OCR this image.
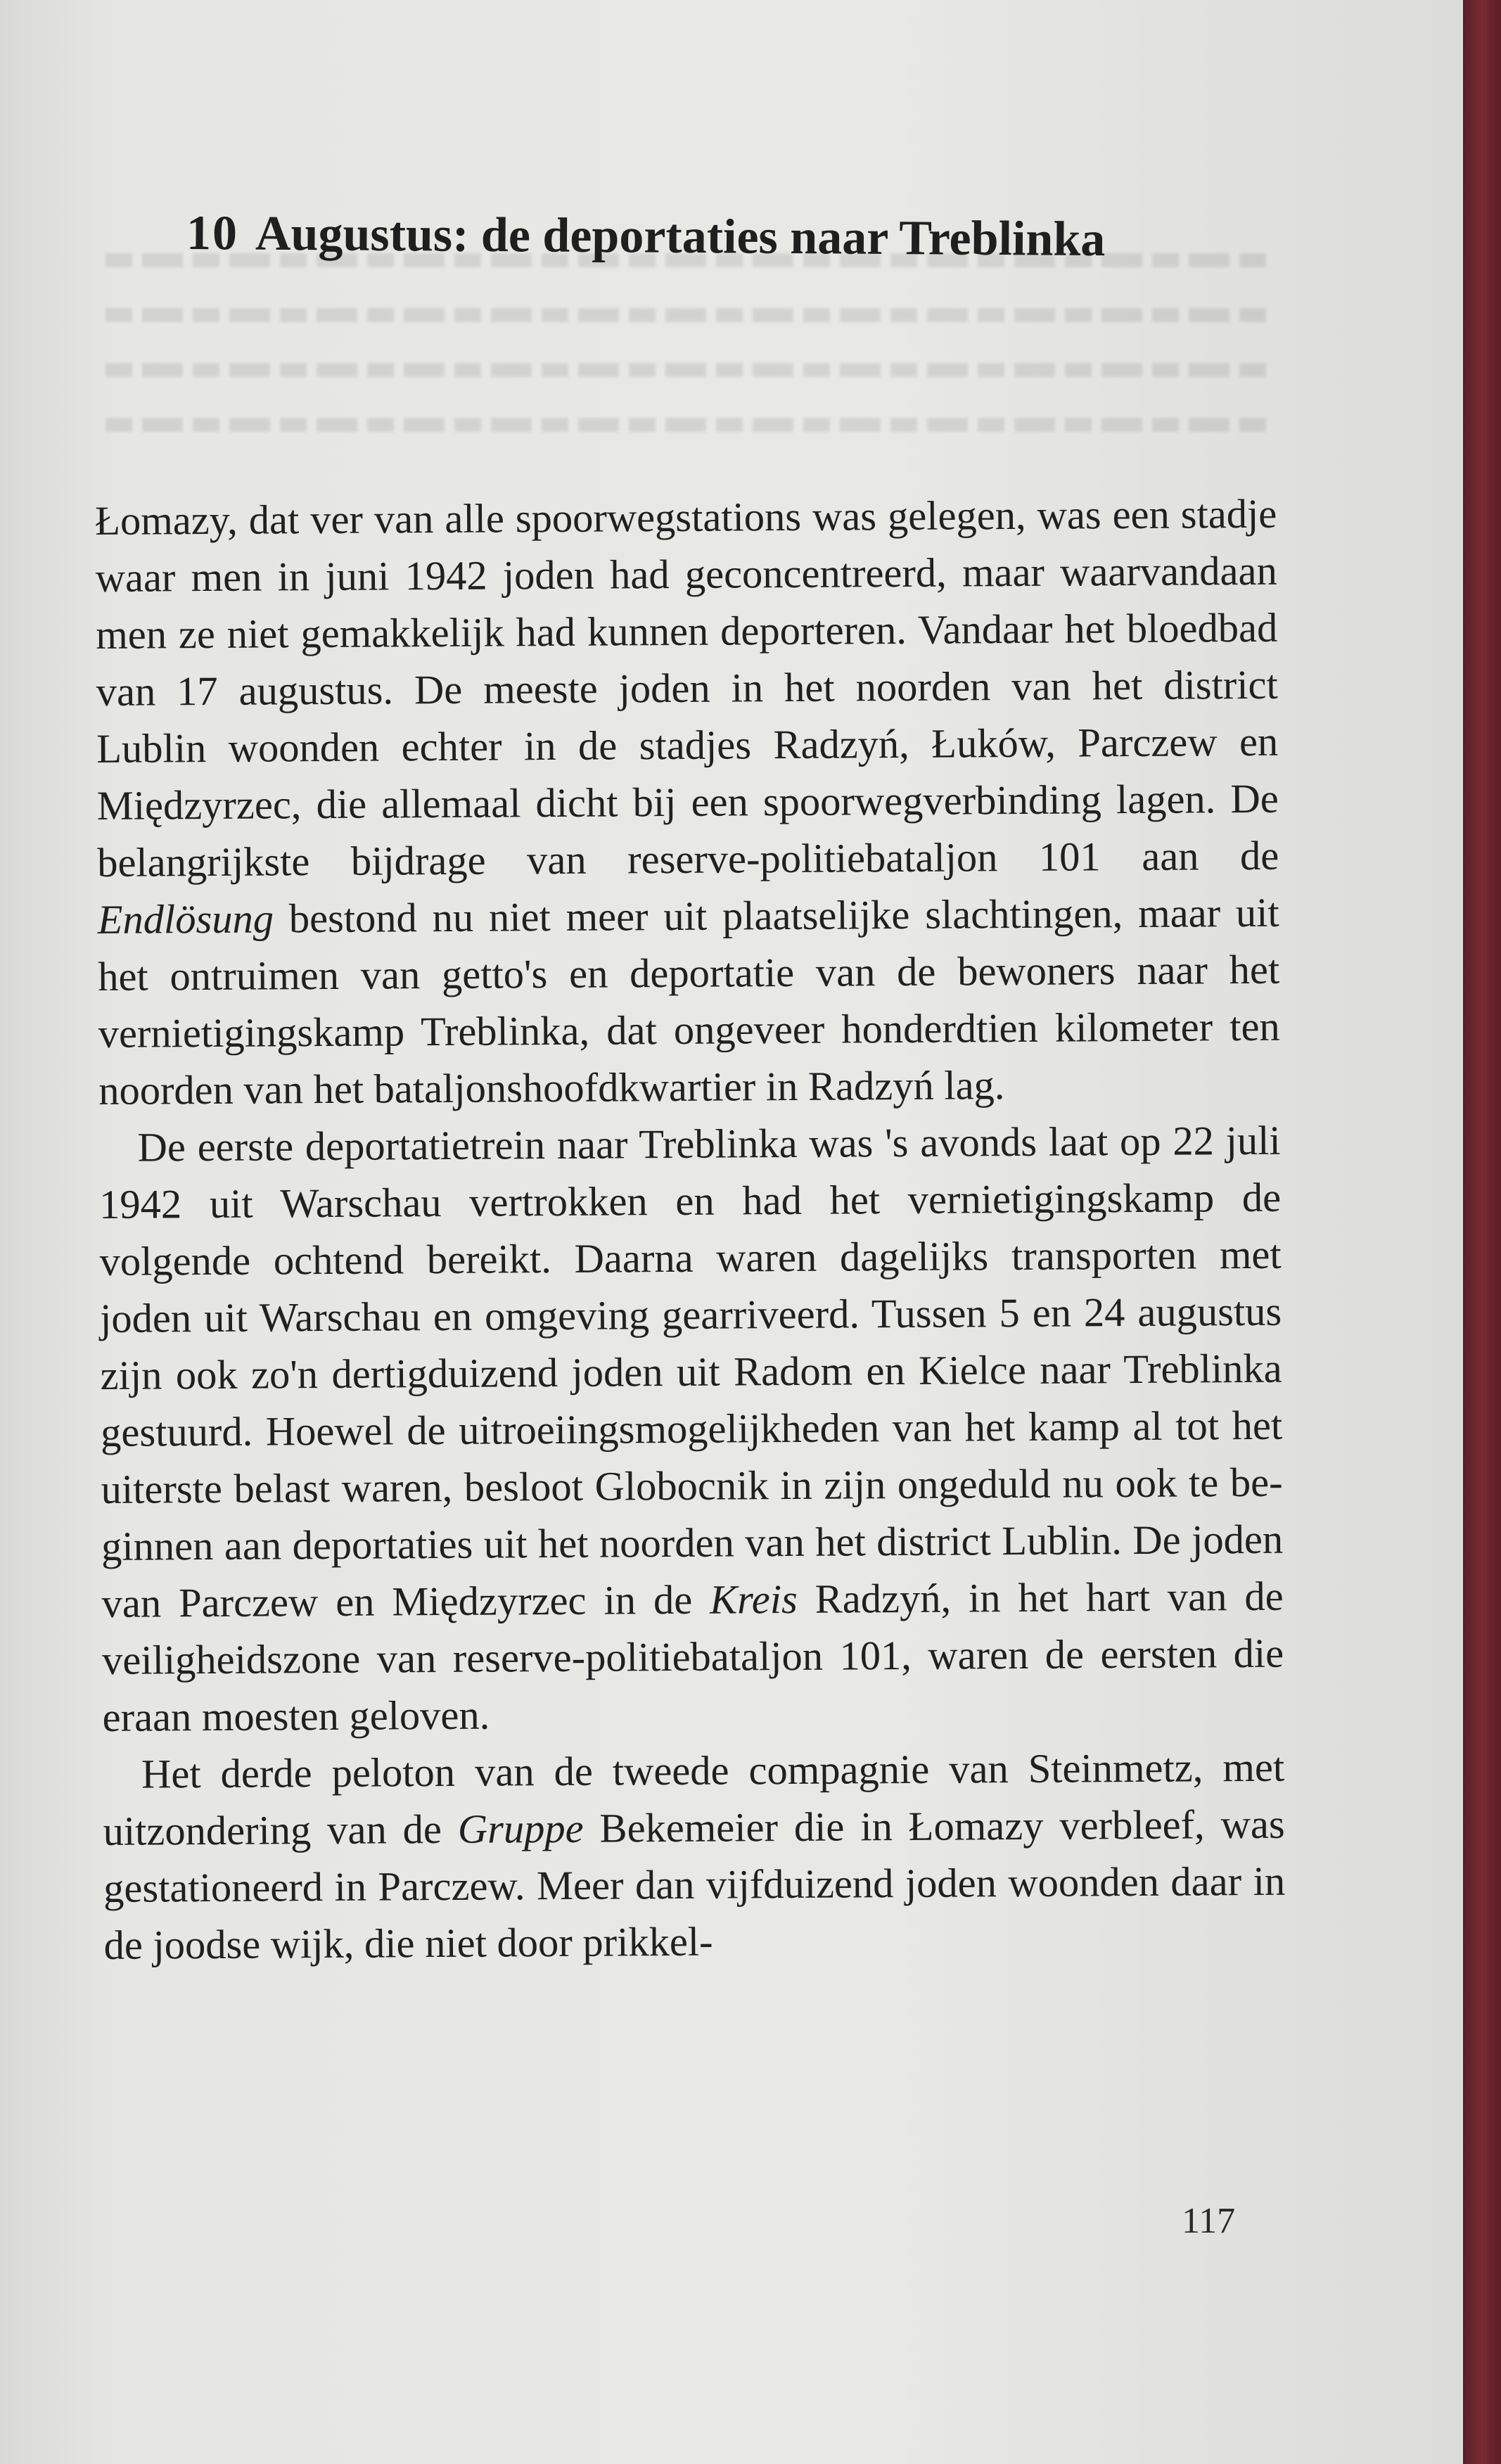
10 Augustus: de deportaties naar Treblinka

Łomazy, dat ver van alle spoorwegstations was gelegen, was een stadje waar men in juni 1942 joden had geconcentreerd, maar waarvandaan men ze niet gemakkelijk had kunnen deporteren. Vandaar het bloedbad van 17 augustus. De meeste joden in het noorden van het district Lublin woonden echter in de stadjes Radzyń, Łuków, Parczew en Międzyrzec, die allemaal dicht bij een spoorwegverbinding lagen. De belangrijkste bijdrage van reserve-politiebataljon 101 aan de Endlösung bestond nu niet meer uit plaatselijke slachtingen, maar uit het ontruimen van getto's en deportatie van de bewoners naar het vernietigingskamp Treblinka, dat ongeveer honderdtien kilometer ten noorden van het bataljonshoofdkwartier in Radzyń lag.

De eerste deportatietrein naar Treblinka was 's avonds laat op 22 juli 1942 uit Warschau vertrokken en had het vernietigingskamp de volgende ochtend bereikt. Daarna waren dagelijks transporten met joden uit Warschau en omgeving gearriveerd. Tussen 5 en 24 augustus zijn ook zo'n dertigduizend joden uit Radom en Kielce naar Treblinka gestuurd. Hoewel de uitroeiingsmogelijkheden van het kamp al tot het uiterste belast waren, besloot Globocnik in zijn ongeduld nu ook te beginnen aan deportaties uit het noorden van het district Lublin. De joden van Parczew en Międzyrzec in de Kreis Radzyń, in het hart van de veiligheidszone van reserve-politiebataljon 101, waren de eersten die eraan moesten geloven.

Het derde peloton van de tweede compagnie van Steinmetz, met uitzondering van de Gruppe Bekemeier die in Łomazy verbleef, was gestationeerd in Parczew. Meer dan vijfduizend joden woonden daar in de joodse wijk, die niet door prikkel-

117
